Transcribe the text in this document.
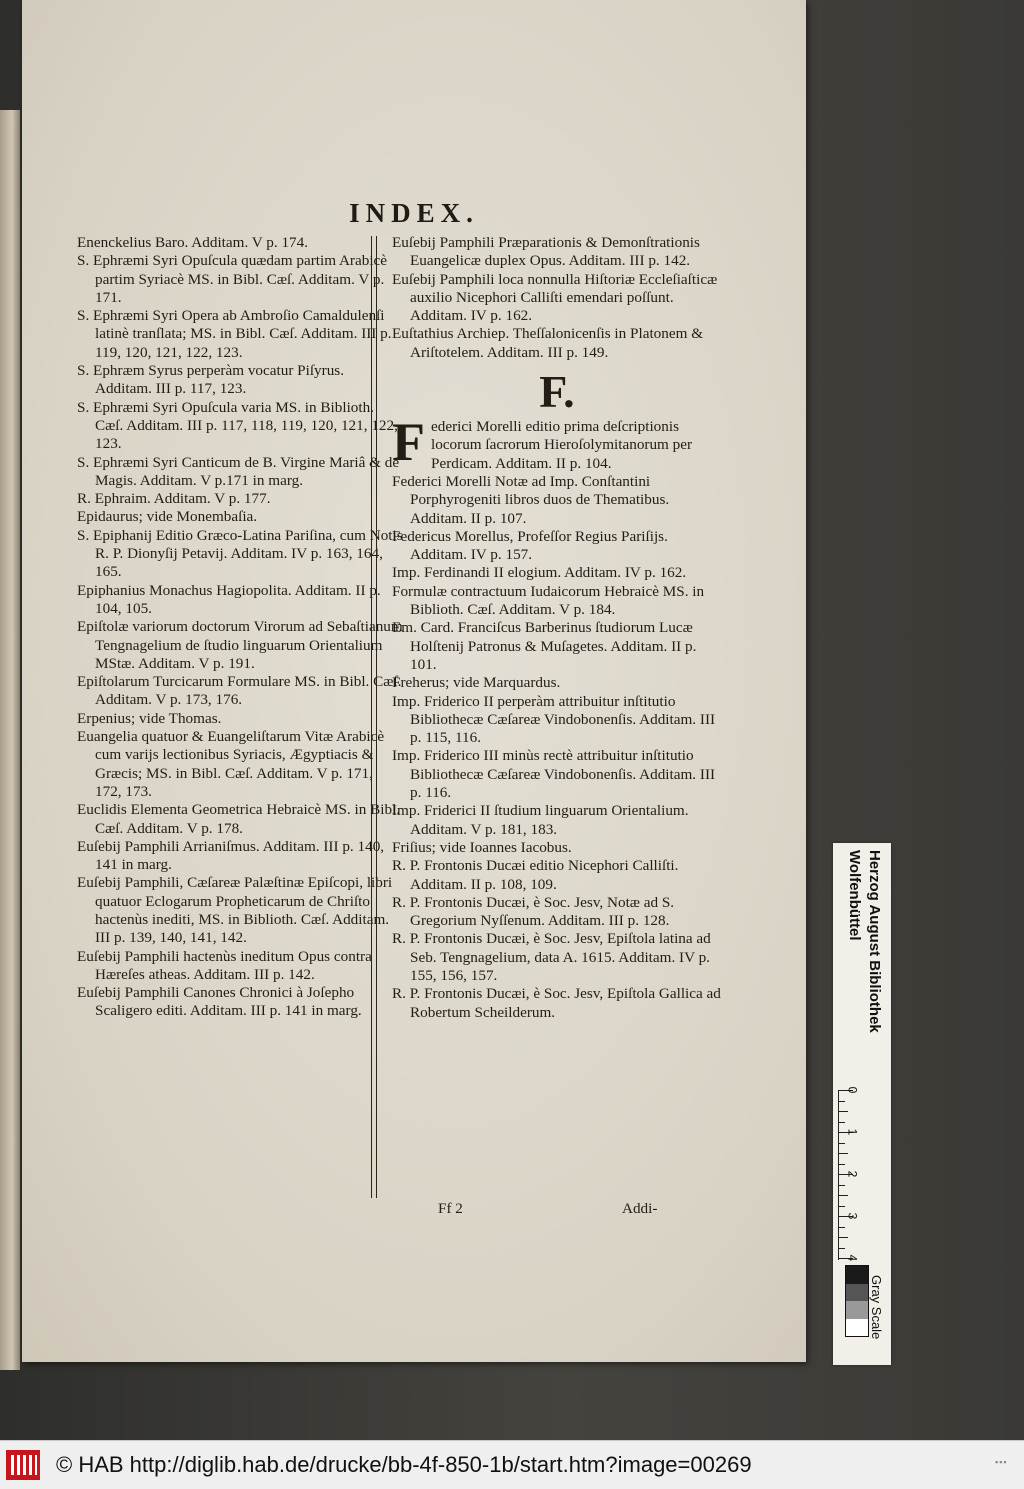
INDEX.

Enenckelius Baro. Additam. V p. 174.

S. Ephræmi Syri Opuſcula quædam partim Arabicè partim Syriacè MS. in Bibl. Cæſ. Additam. V p. 171.

S. Ephræmi Syri Opera ab Ambroſio Camaldulenſi latinè tranſlata; MS. in Bibl. Cæſ. Additam. III p. 119, 120, 121, 122, 123.

S. Ephræm Syrus perperàm vocatur Piſyrus. Additam. III p. 117, 123.

S. Ephræmi Syri Opuſcula varia MS. in Biblioth. Cæſ. Additam. III p. 117, 118, 119, 120, 121, 122, 123.

S. Ephræmi Syri Canticum de B. Virgine Mariâ & de Magis. Additam. V p.171 in marg.

R. Ephraim. Additam. V p. 177.

Epidaurus; vide Monembaſia.

S. Epiphanij Editio Græco-Latina Pariſina, cum Notis R. P. Dionyſij Petavij. Additam. IV p. 163, 164, 165.

Epiphanius Monachus Hagiopolita. Additam. II p. 104, 105.

Epiſtolæ variorum doctorum Virorum ad Sebaſtianum Tengnagelium de ſtudio linguarum Orientalium MStæ. Additam. V p. 191.

Epiſtolarum Turcicarum Formulare MS. in Bibl. Cæſ. Additam. V p. 173, 176.

Erpenius; vide Thomas.

Euangelia quatuor & Euangeliſtarum Vitæ Arabicè cum varijs lectionibus Syriacis, Ægyptiacis & Græcis; MS. in Bibl. Cæſ. Additam. V p. 171, 172, 173.

Euclidis Elementa Geometrica Hebraicè MS. in Bibl. Cæſ. Additam. V p. 178.

Euſebij Pamphili Arrianiſmus. Additam. III p. 140, 141 in marg.

Euſebij Pamphili, Cæſareæ Palæſtinæ Epiſcopi, libri quatuor Eclogarum Propheticarum de Chriſto hactenùs inediti, MS. in Biblioth. Cæſ. Additam. III p. 139, 140, 141, 142.

Euſebij Pamphili hactenùs ineditum Opus contra Hæreſes atheas. Additam. III p. 142.

Euſebij Pamphili Canones Chronici à Joſepho Scaligero editi. Additam. III p. 141 in marg.

Euſebij Pamphili Præparationis & Demonſtrationis Euangelicæ duplex Opus. Additam. III p. 142.

Euſebij Pamphili loca nonnulla Hiſtoriæ Eccleſiaſticæ auxilio Nicephori Calliſti emendari poſſunt. Additam. IV p. 162.

Euſtathius Archiep. Theſſalonicenſis in Platonem & Ariſtotelem. Additam. III p. 149.

F.
F ederici Morelli editio prima deſcriptionis locorum ſacrorum Hieroſolymitanorum per Perdicam. Additam. II p. 104.

Federici Morelli Notæ ad Imp. Conſtantini Porphyrogeniti libros duos de Thematibus. Additam. II p. 107.

Federicus Morellus, Profeſſor Regius Pariſijs. Additam. IV p. 157.

Imp. Ferdinandi II elogium. Additam. IV p. 162.

Formulæ contractuum Iudaicorum Hebraicè MS. in Biblioth. Cæſ. Additam. V p. 184.

Em. Card. Franciſcus Barberinus ſtudiorum Lucæ Holſtenij Patronus & Muſagetes. Additam. II p. 101.

Freherus; vide Marquardus.

Imp. Friderico II perperàm attribuitur inſtitutio Bibliothecæ Cæſareæ Vindobonenſis. Additam. III p. 115, 116.

Imp. Friderico III minùs rectè attribuitur inſtitutio Bibliothecæ Cæſareæ Vindobonenſis. Additam. III p. 116.

Imp. Friderici II ſtudium linguarum Orientalium. Additam. V p. 181, 183.

Friſius; vide Ioannes Iacobus.

R. P. Frontonis Ducæi editio Nicephori Calliſti. Additam. II p. 108, 109.

R. P. Frontonis Ducæi, è Soc. Jesv, Notæ ad S. Gregorium Nyſſenum. Additam. III p. 128.

R. P. Frontonis Ducæi, è Soc. Jesv, Epiſtola latina ad Seb. Tengnagelium, data A. 1615. Additam. IV p. 155, 156, 157.

R. P. Frontonis Ducæi, è Soc. Jesv, Epiſtola Gallica ad Robertum Scheilderum.

Ff 2	Addi-
Wolfenbüttel
0
1
2
3
4
Gray Scale
© HAB http://diglib.hab.de/drucke/bb-4f-850-1b/start.htm?image=00269	▪▪▪
